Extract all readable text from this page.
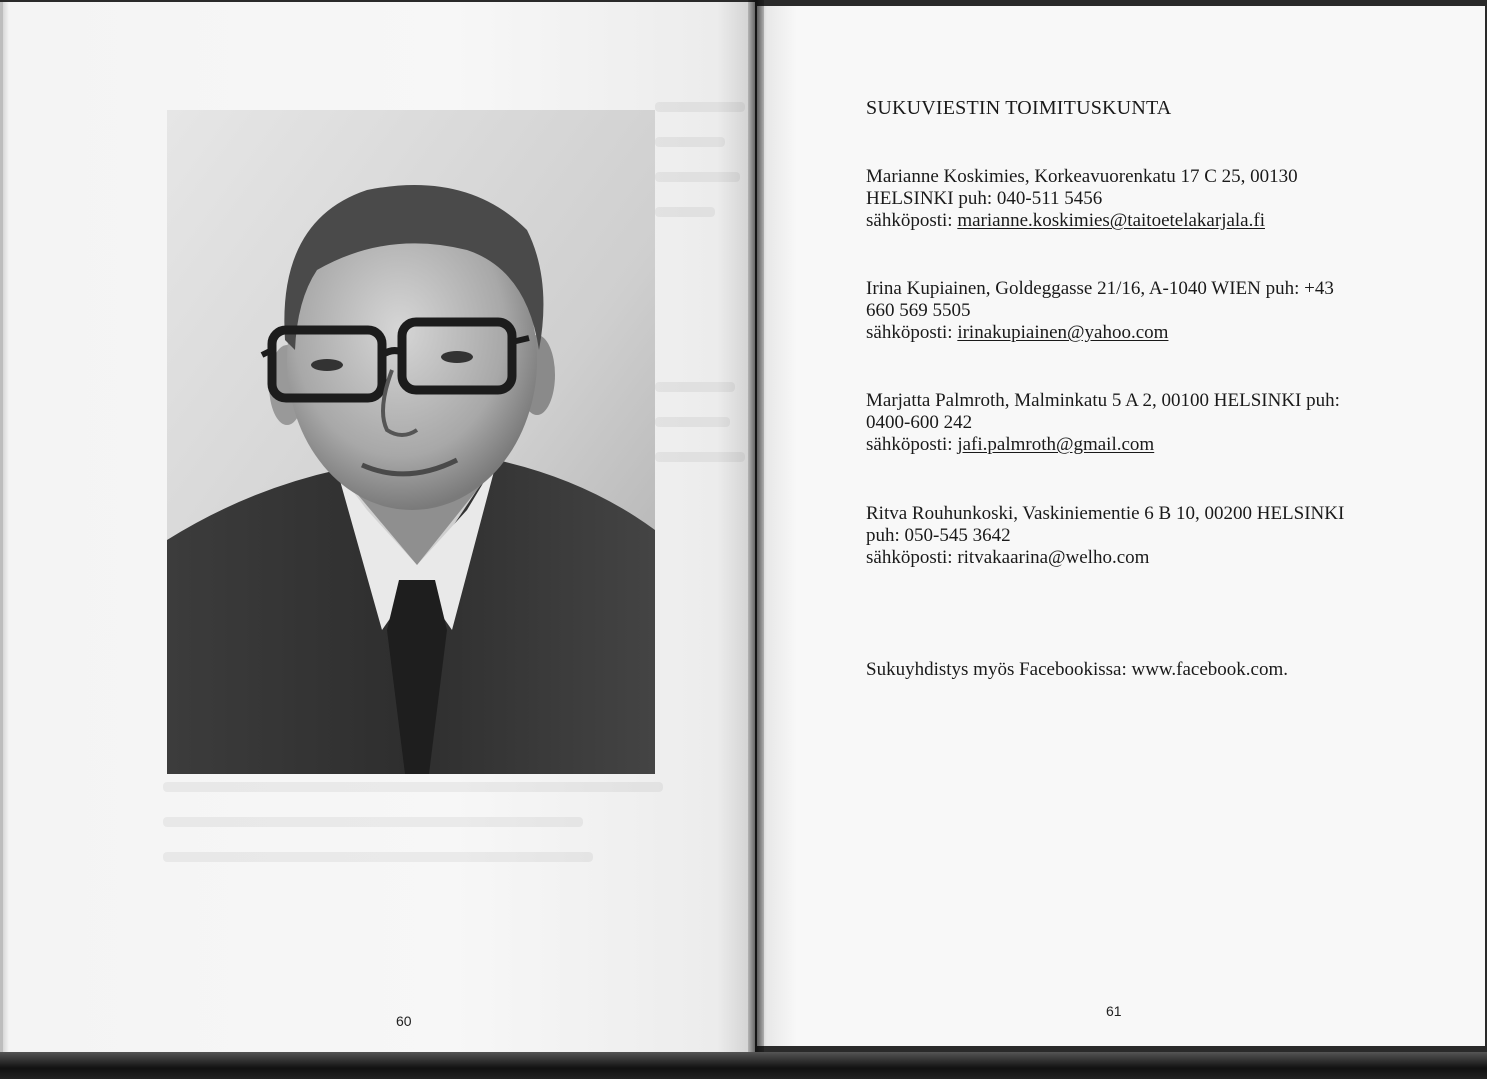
60
SUKUVIESTIN TOIMITUSKUNTA
Marianne Koskimies, Korkeavuorenkatu 17 C 25, 00130
HELSINKI puh: 040-511 5456
sähköposti: marianne.koskimies@taitoetelakarjala.fi
Irina Kupiainen, Goldeggasse 21/16, A-1040 WIEN puh: +43
660 569 5505
sähköposti: irinakupiainen@yahoo.com
Marjatta Palmroth, Malminkatu 5 A 2, 00100 HELSINKI puh:
0400-600 242
sähköposti: jafi.palmroth@gmail.com
Ritva Rouhunkoski, Vaskiniementie 6 B 10, 00200 HELSINKI
puh: 050-545 3642
sähköposti: ritvakaarina@welho.com
Sukuyhdistys myös Facebookissa: www.facebook.com.
61
